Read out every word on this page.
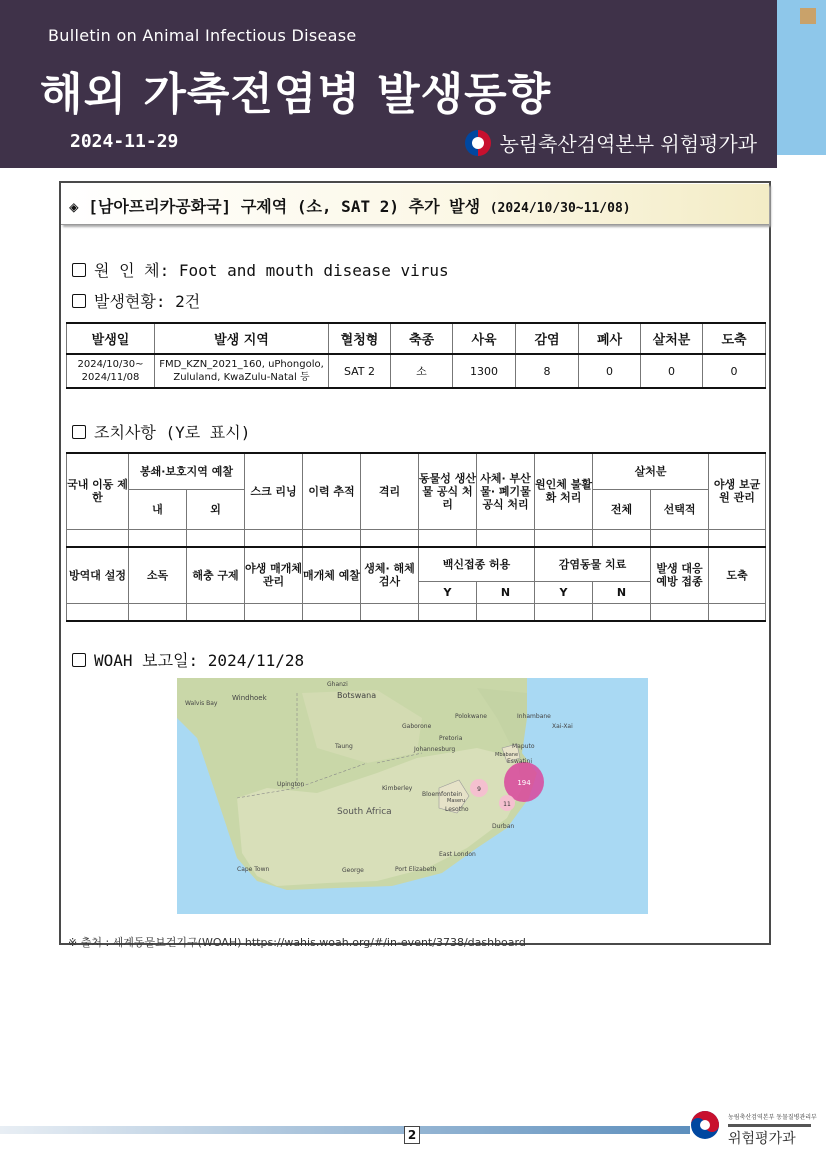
Bulletin on Animal Infectious Disease
해외 가축전염병 발생동향
2024-11-29	농림축산검역본부 위험평가과
◈ [남아프리카공화국] 구제역 (소, SAT 2) 추가 발생 (2024/10/30~11/08)
원 인 체: Foot and mouth disease virus
발생현황: 2건
발생일	발생 지역	혈청형	축종	사육	감염	폐사	살처분	도축
2024/10/30~ 2024/11/08	FMD_KZN_2021_160, uPhongolo, Zululand, KwaZulu-Natal 등	SAT 2	소	1300	8	0	0	0
조치사항 (Y로 표시)
국내 이동 제한	봉쇄·보호지역 예찰		스크 리닝	이력 추적	격리	동물성 생산물 공식 처리	사체· 부산물· 폐기물 공식 처리	원인체 불활화 처리	살처분		야생 보균원 관리
	내	외							전체	선택적	

방역대 설정	소독	해충 구제	야생 매개체 관리	매개체 예찰	생체· 해체 검사	백신접종 허용		감염동물 치료		발생 대응 예방 접종	도축
						Y	N	Y	N		

WOAH 보고일: 2024/11/28
194
9
11
Windhoek	Botswana
Ghanzi
Walvis Bay
Gaborone
Polokwane	Inhambane
Xai-Xai
Johannesburg
Pretoria
Maputo
Eswatini
Mbabane
Taung
Upington
Kimberley
Bloemfontein
Maseru
Lesotho
South Africa
Durban
East London
Port Elizabeth
George
Cape Town
※ 출처 : 세계동물보건기구(WOAH) https://wahis.woah.org/#/in-event/3738/dashboard
2
농림축산검역본부 동물질병관리부
위험평가과
